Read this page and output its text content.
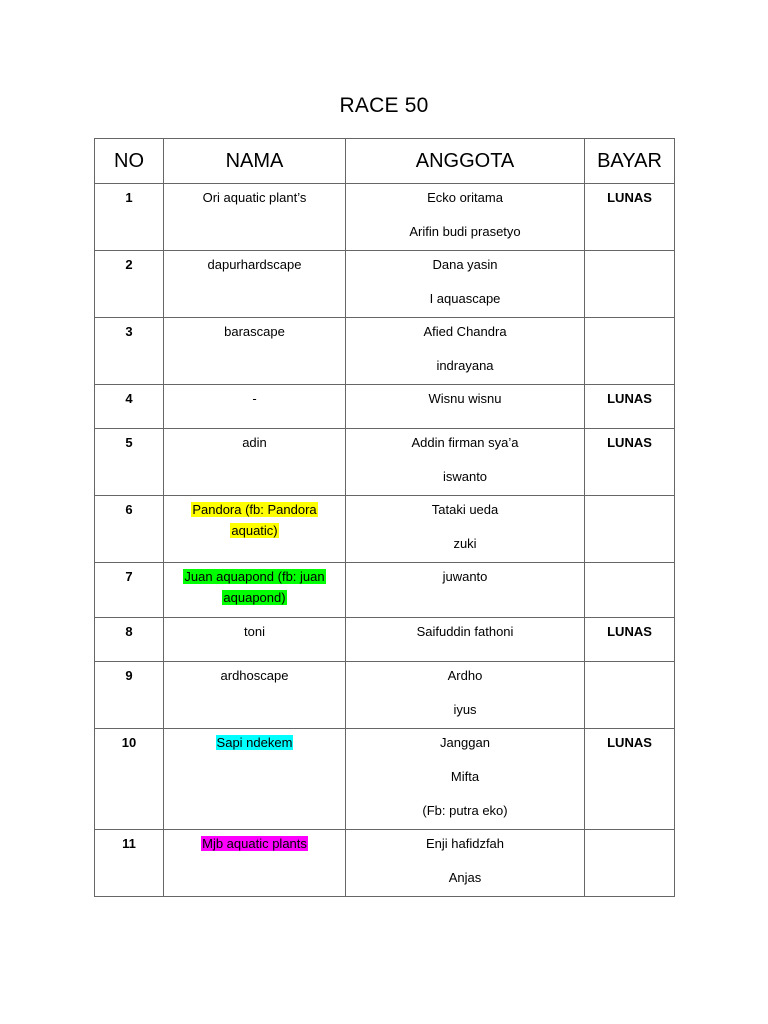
RACE 50
NO	NAMA	ANGGOTA	BAYAR
1	Ori aquatic plant’s	Ecko oritama
Arifin budi prasetyo	LUNAS
2	dapurhardscape	Dana yasin
I aquascape	

3	barascape	Afied Chandra
indrayana	

4	-	Wisnu wisnu	LUNAS
5	adin	Addin firman sya’a
iswanto	LUNAS
6	Pandora (fb: Pandora
aquatic)	Tataki ueda
zuki	

7	Juan aquapond (fb: juan
aquapond)	juwanto	

8	toni	Saifuddin fathoni	LUNAS
9	ardhoscape	Ardho
iyus	

10	Sapi ndekem	Janggan
Mifta
(Fb: putra eko)	LUNAS
11	Mjb aquatic plants	Enji hafidzfah
Anjas	
